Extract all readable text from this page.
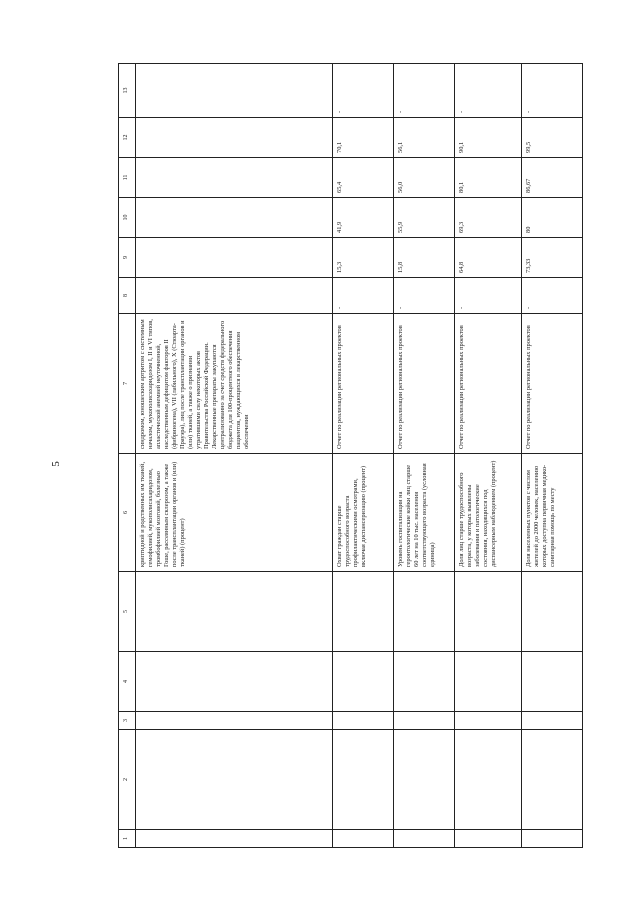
5
1	2	3	4	5	6	7	8	9	10	11	12	13
					криптидной и родственных им тканей, гемофилией, мукополисахаридозом, тромбофилией мозговой, болезнью Гоше, рассеянным склерозом, а также после трансплантации органов и (или) тканей) (процент)	синдромом, юношеским артритом с системным началом, мукополисахаридозом I, II и VI типов, апластической анемией неуточненной, наследственным дефицитом факторов II (фибриногена), VII (лабильного), X (Стюарта-Прауэра), лиц после трансплантации органов и (или) тканей, а также о признании утратившими силу некоторых актов Правительства Российской Федерации. Лекарственные препараты закупаются централизованно за счет средств федерального бюджета для 100-процентного обеспечения пациентов, нуждающихся в лекарственном обеспечении						
					Охват граждан старше трудоспособного возраста профилактическими осмотрами, включая диспансеризацию (процент)	Отчет по реализации региональных проектов	-	15,3	41,9	65,4	70,1	-
					Уровень госпитализации на геронтологические койки лиц старше 60 лет на 10 тыс. населения соответствующего возраста (условная единица)	Отчет по реализации региональных проектов	-	15,8	55,9	56,0	56,1	-
					Доля лиц старше трудоспособного возраста, у которых выявлены заболевания и патологические состояния, находящихся под диспансерным наблюдением (процент)	Отчет по реализации региональных проектов	-	64,8	69,3	80,1	90,1	-
					Доля населенных пунктов с числом жителей до 2000 человек, населению которых доступна первичная медико-санитарная помощь по месту	Отчет по реализации региональных проектов	-	73,33	80	86,67	99,5	-
